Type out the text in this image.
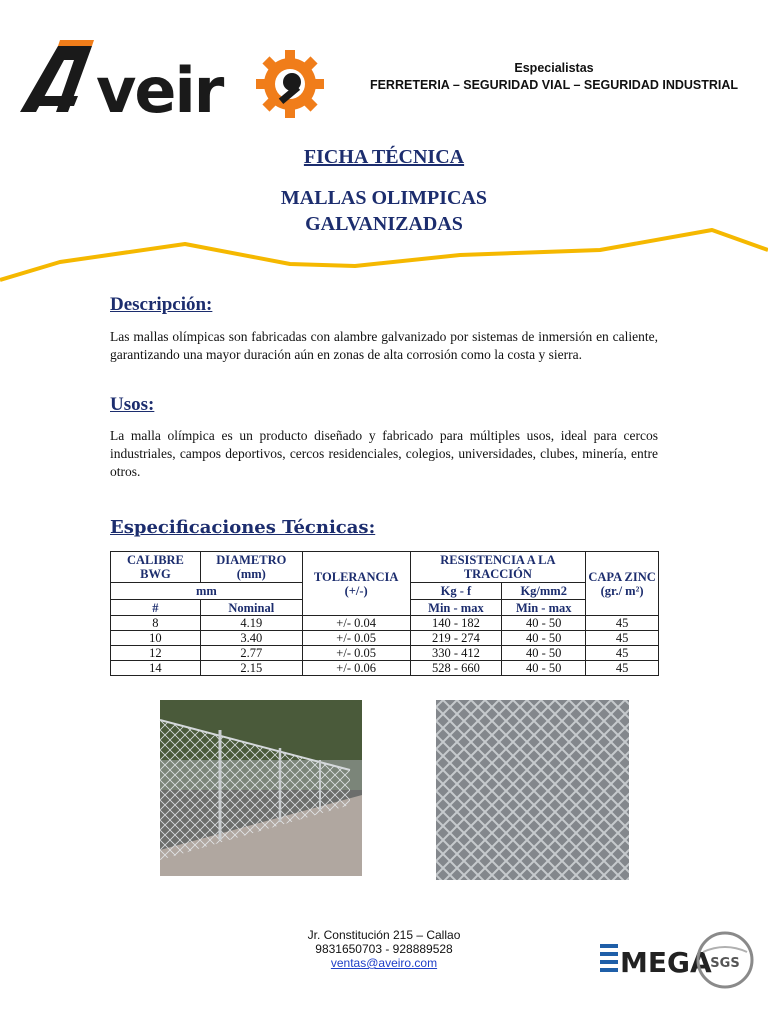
veir	Especialistas
FERRETERIA – SEGURIDAD VIAL – SEGURIDAD INDUSTRIAL
FICHA TÉCNICA
MALLAS OLIMPICAS
GALVANIZADAS
Descripción:

Las mallas olímpicas son fabricadas con alambre galvanizado por sistemas de inmersión en caliente, garantizando una mayor duración aún en zonas de alta corrosión como la costa y sierra.

Usos:

La malla olímpica es un producto diseñado y fabricado para múltiples usos, ideal para cercos industriales, campos deportivos, cercos residenciales, colegios, universidades, clubes, minería, entre otros.

Especificaciones Técnicas:
CALIBRE BWG	DIAMETRO (mm)	TOLERANCIA (+/-)	RESISTENCIA A LA TRACCIÓN		CAPA ZINC (gr./ m²)
mm			Kg - f	Kg/mm2	
#	Nominal		Min - max	Min - max	
8	4.19	+/- 0.04	140 - 182	40 - 50	45
10	3.40	+/- 0.05	219 - 274	40 - 50	45
12	2.77	+/- 0.05	330 - 412	40 - 50	45
14	2.15	+/- 0.06	528 - 660	40 - 50	45
Jr. Constitución 215 – Callao
9831650703 - 928889528
ventas@aveiro.com	MEGA
SGS
